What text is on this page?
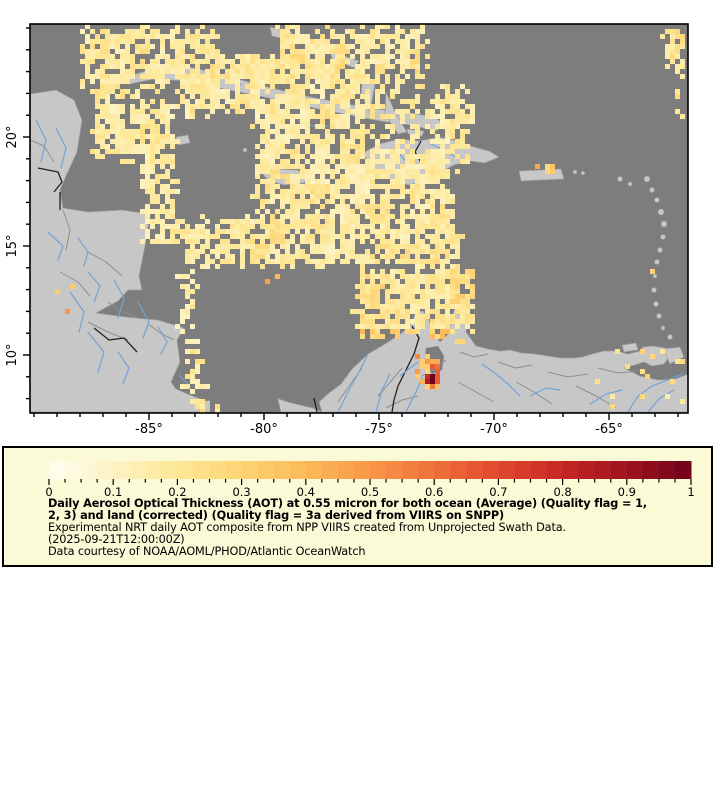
-85°	-80°	-75°	-70°	-65°
20°
15°
10°
0	0.1	0.2	0.3	0.4	0.5	0.6	0.7	0.8	0.9	1
Daily Aerosol Optical Thickness (AOT) at 0.55 micron for both ocean (Average) (Quality flag = 1,
2, 3) and land (corrected) (Quality flag = 3a derived from VIIRS on SNPP)
Experimental NRT daily AOT composite from NPP VIIRS created from Unprojected Swath Data.
(2025-09-21T12:00:00Z)
Data courtesy of NOAA/AOML/PHOD/Atlantic OceanWatch
